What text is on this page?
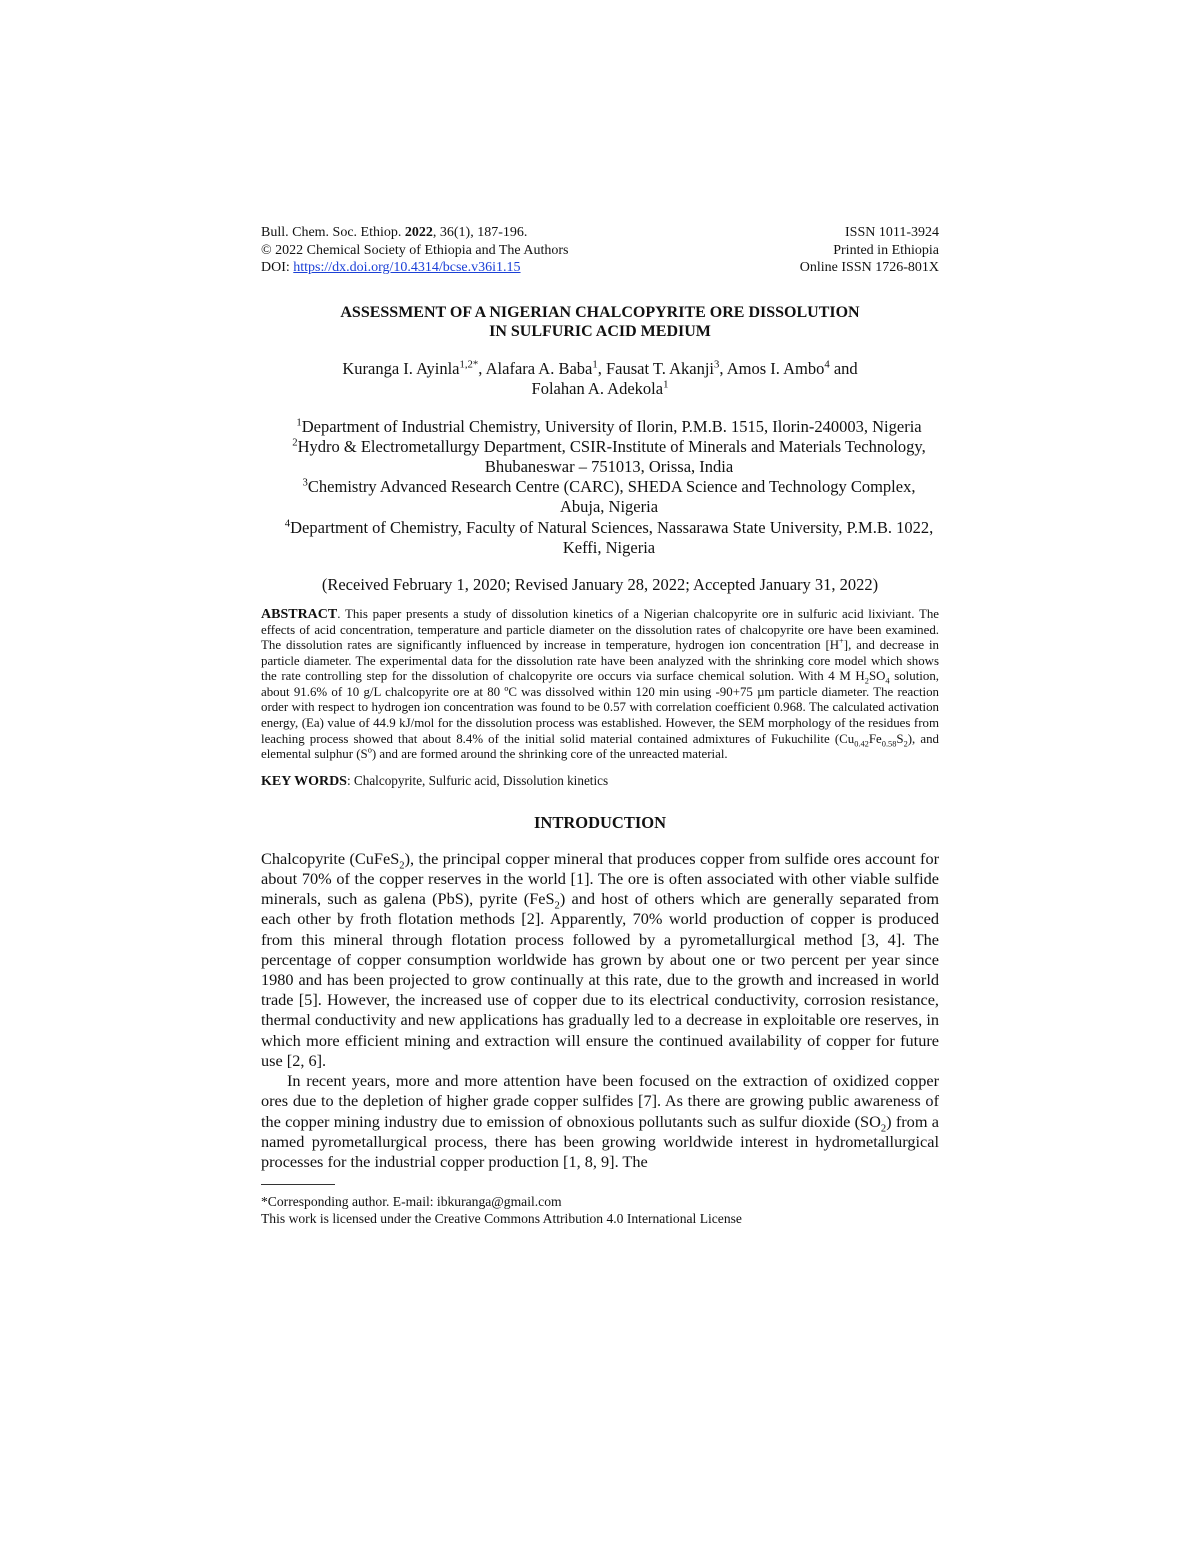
Bull. Chem. Soc. Ethiop. 2022, 36(1), 187-196.
© 2022 Chemical Society of Ethiopia and The Authors
DOI: https://dx.doi.org/10.4314/bcse.v36i1.15
ISSN 1011-3924
Printed in Ethiopia
Online ISSN 1726-801X
ASSESSMENT OF A NIGERIAN CHALCOPYRITE ORE DISSOLUTION
IN SULFURIC ACID MEDIUM
Kuranga I. Ayinla$^{1,2*}$, Alafara A. Baba$^1$, Fausat T. Akanji$^3$, Amos I. Ambo$^4$ and
Folahan A. Adekola$^1$
$^1$Department of Industrial Chemistry, University of Ilorin, P.M.B. 1515, Ilorin-240003, Nigeria
$^2$Hydro & Electrometallurgy Department, CSIR-Institute of Minerals and Materials Technology, Bhubaneswar – 751013, Orissa, India
$^3$Chemistry Advanced Research Centre (CARC), SHEDA Science and Technology Complex, Abuja, Nigeria
$^4$Department of Chemistry, Faculty of Natural Sciences, Nassarawa State University, P.M.B. 1022, Keffi, Nigeria
(Received February 1, 2020; Revised January 28, 2022; Accepted January 31, 2022)
ABSTRACT. This paper presents a study of dissolution kinetics of a Nigerian chalcopyrite ore in sulfuric acid lixiviant. The effects of acid concentration, temperature and particle diameter on the dissolution rates of chalcopyrite ore have been examined. The dissolution rates are significantly influenced by increase in temperature, hydrogen ion concentration [H+], and decrease in particle diameter. The experimental data for the dissolution rate have been analyzed with the shrinking core model which shows the rate controlling step for the dissolution of chalcopyrite ore occurs via surface chemical solution. With 4 M $H_2SO_4$ solution, about 91.6% of 10 g/L chalcopyrite ore at 80 ºC was dissolved within 120 min using -90+75 µm particle diameter. The reaction order with respect to hydrogen ion concentration was found to be 0.57 with correlation coefficient 0.968. The calculated activation energy, (Ea) value of 44.9 kJ/mol for the dissolution process was established. However, the SEM morphology of the residues from leaching process showed that about 8.4% of the initial solid material contained admixtures of Fukuchilite $(Cu_{0.42}Fe_{0.58}S_2)$, and elemental sulphur $(S^o)$ and are formed around the shrinking core of the unreacted material.
KEY WORDS: Chalcopyrite, Sulfuric acid, Dissolution kinetics
INTRODUCTION
Chalcopyrite (CuFeS$_2$), the principal copper mineral that produces copper from sulfide ores account for about 70% of the copper reserves in the world [1]. The ore is often associated with other viable sulfide minerals, such as galena (PbS), pyrite (FeS$_2$) and host of others which are generally separated from each other by froth flotation methods [2]. Apparently, 70% world production of copper is produced from this mineral through flotation process followed by a pyrometallurgical method [3, 4]. The percentage of copper consumption worldwide has grown by about one or two percent per year since 1980 and has been projected to grow continually at this rate, due to the growth and increased in world trade [5]. However, the increased use of copper due to its electrical conductivity, corrosion resistance, thermal conductivity and new applications has gradually led to a decrease in exploitable ore reserves, in which more efficient mining and extraction will ensure the continued availability of copper for future use [2, 6].
In recent years, more and more attention have been focused on the extraction of oxidized copper ores due to the depletion of higher grade copper sulfides [7]. As there are growing public awareness of the copper mining industry due to emission of obnoxious pollutants such as sulfur dioxide $(SO_2)$ from a named pyrometallurgical process, there has been growing worldwide interest in hydrometallurgical processes for the industrial copper production [1, 8, 9]. The
*Corresponding author. E-mail: ibkuranga@gmail.com
This work is licensed under the Creative Commons Attribution 4.0 International License
